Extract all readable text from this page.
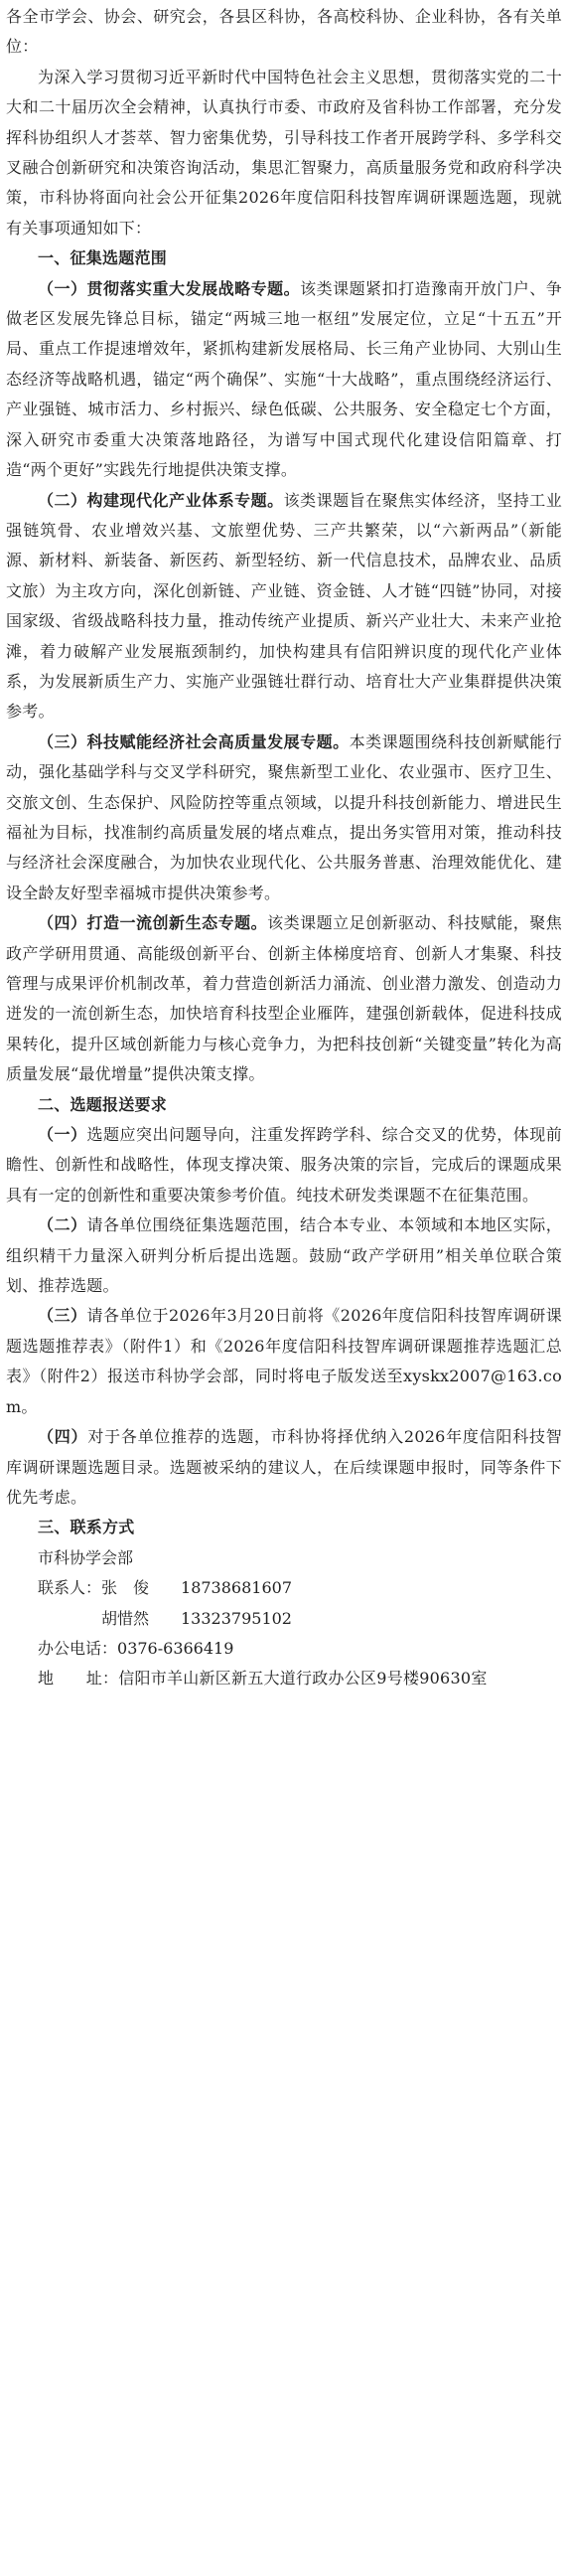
各全市学会、协会、研究会，各县区科协，各高校科协、企业科协，各有关单位：

为深入学习贯彻习近平新时代中国特色社会主义思想，贯彻落实党的二十大和二十届历次全会精神，认真执行市委、市政府及省科协工作部署，充分发挥科协组织人才荟萃、智力密集优势，引导科技工作者开展跨学科、多学科交叉融合创新研究和决策咨询活动，集思汇智聚力，高质量服务党和政府科学决策，市科协将面向社会公开征集2026年度信阳科技智库调研课题选题，现就有关事项通知如下：

一、征集选题范围

（一）贯彻落实重大发展战略专题。该类课题紧扣打造豫南开放门户、争做老区发展先锋总目标，锚定“两城三地一枢纽”发展定位，立足“十五五”开局、重点工作提速增效年，紧抓构建新发展格局、长三角产业协同、大别山生态经济等战略机遇，锚定“两个确保”、实施“十大战略”，重点围绕经济运行、产业强链、城市活力、乡村振兴、绿色低碳、公共服务、安全稳定七个方面，深入研究市委重大决策落地路径，为谱写中国式现代化建设信阳篇章、打造“两个更好”实践先行地提供决策支撑。

（二）构建现代化产业体系专题。该类课题旨在聚焦实体经济，坚持工业强链筑骨、农业增效兴基、文旅塑优势、三产共繁荣，以“六新两品”（新能源、新材料、新装备、新医药、新型轻纺、新一代信息技术，品牌农业、品质文旅）为主攻方向，深化创新链、产业链、资金链、人才链“四链”协同，对接国家级、省级战略科技力量，推动传统产业提质、新兴产业壮大、未来产业抢滩，着力破解产业发展瓶颈制约，加快构建具有信阳辨识度的现代化产业体系，为发展新质生产力、实施产业强链壮群行动、培育壮大产业集群提供决策参考。

（三）科技赋能经济社会高质量发展专题。本类课题围绕科技创新赋能行动，强化基础学科与交叉学科研究，聚焦新型工业化、农业强市、医疗卫生、交旅文创、生态保护、风险防控等重点领域，以提升科技创新能力、增进民生福祉为目标，找准制约高质量发展的堵点难点，提出务实管用对策，推动科技与经济社会深度融合，为加快农业现代化、公共服务普惠、治理效能优化、建设全龄友好型幸福城市提供决策参考。

（四）打造一流创新生态专题。该类课题立足创新驱动、科技赋能，聚焦政产学研用贯通、高能级创新平台、创新主体梯度培育、创新人才集聚、科技管理与成果评价机制改革，着力营造创新活力涌流、创业潜力激发、创造动力迸发的一流创新生态，加快培育科技型企业雁阵，建强创新载体，促进科技成果转化，提升区域创新能力与核心竞争力，为把科技创新“关键变量”转化为高质量发展“最优增量”提供决策支撑。

二、选题报送要求

（一）选题应突出问题导向，注重发挥跨学科、综合交叉的优势，体现前瞻性、创新性和战略性，体现支撑决策、服务决策的宗旨，完成后的课题成果具有一定的创新性和重要决策参考价值。纯技术研发类课题不在征集范围。

（二）请各单位围绕征集选题范围，结合本专业、本领域和本地区实际，组织精干力量深入研判分析后提出选题。鼓励“政产学研用”相关单位联合策划、推荐选题。

（三）请各单位于2026年3月20日前将《2026年度信阳科技智库调研课题选题推荐表》（附件1）和《2026年度信阳科技智库调研课题推荐选题汇总表》（附件2）报送市科协学会部，同时将电子版发送至xyskx2007@163.com。

（四）对于各单位推荐的选题，市科协将择优纳入2026年度信阳科技智库调研课题选题目录。选题被采纳的建议人，在后续课题申报时，同等条件下优先考虑。

三、联系方式

市科协学会部

联系人：张　俊　　18738681607

胡惜然　　13323795102

办公电话：0376-6366419

地　　址：信阳市羊山新区新五大道行政办公区9号楼90630室
